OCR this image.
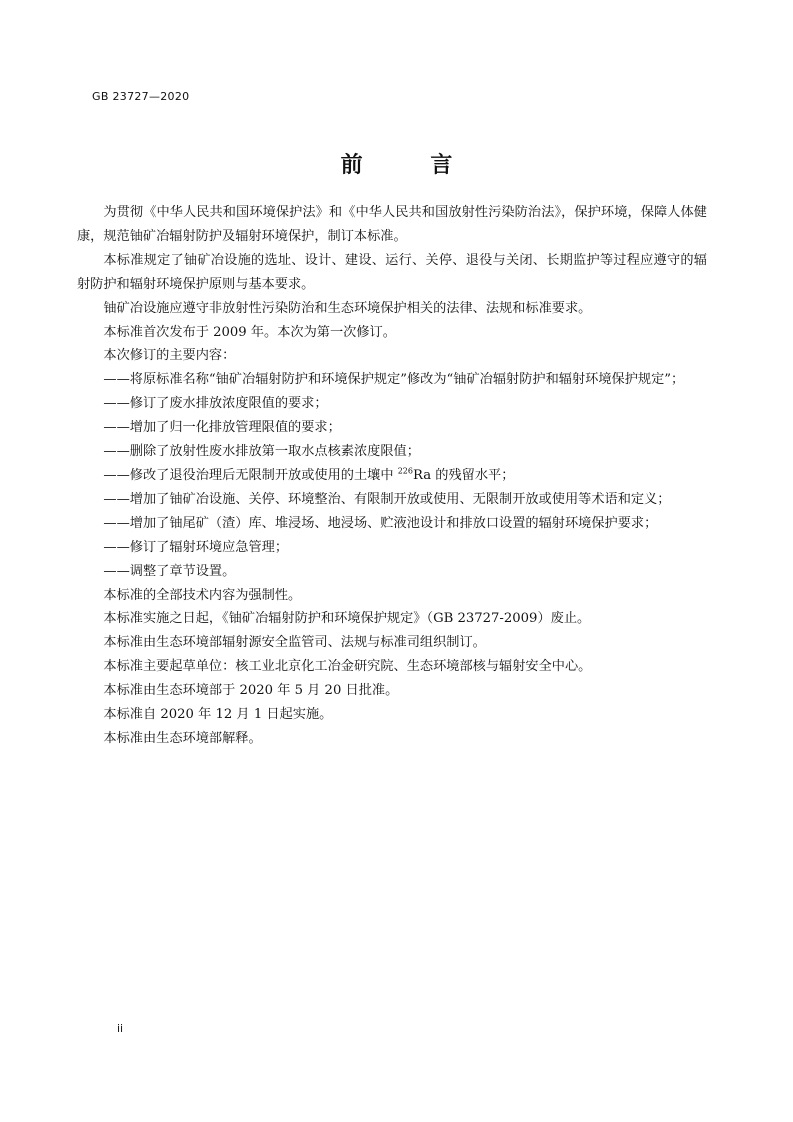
GB 23727—2020
前 言

为贯彻《中华人民共和国环境保护法》和《中华人民共和国放射性污染防治法》，保护环境，保障人体健康，规范铀矿冶辐射防护及辐射环境保护，制订本标准。

本标准规定了铀矿冶设施的选址、设计、建设、运行、关停、退役与关闭、长期监护等过程应遵守的辐射防护和辐射环境保护原则与基本要求。

铀矿冶设施应遵守非放射性污染防治和生态环境保护相关的法律、法规和标准要求。

本标准首次发布于 2009 年。本次为第一次修订。

本次修订的主要内容：

——将原标准名称“铀矿冶辐射防护和环境保护规定”修改为“铀矿冶辐射防护和辐射环境保护规定”；

——修订了废水排放浓度限值的要求；

——增加了归一化排放管理限值的要求；

——删除了放射性废水排放第一取水点核素浓度限值；

——修改了退役治理后无限制开放或使用的土壤中 $^{226}$Ra 的残留水平；

——增加了铀矿冶设施、关停、环境整治、有限制开放或使用、无限制开放或使用等术语和定义；

——增加了铀尾矿（渣）库、堆浸场、地浸场、贮液池设计和排放口设置的辐射环境保护要求；

——修订了辐射环境应急管理；

——调整了章节设置。

本标准的全部技术内容为强制性。

本标准实施之日起，《铀矿冶辐射防护和环境保护规定》（GB 23727-2009）废止。

本标准由生态环境部辐射源安全监管司、法规与标准司组织制订。

本标准主要起草单位：核工业北京化工冶金研究院、生态环境部核与辐射安全中心。

本标准由生态环境部于 2020 年 5 月 20 日批准。

本标准自 2020 年 12 月 1 日起实施。

本标准由生态环境部解释。

ii
